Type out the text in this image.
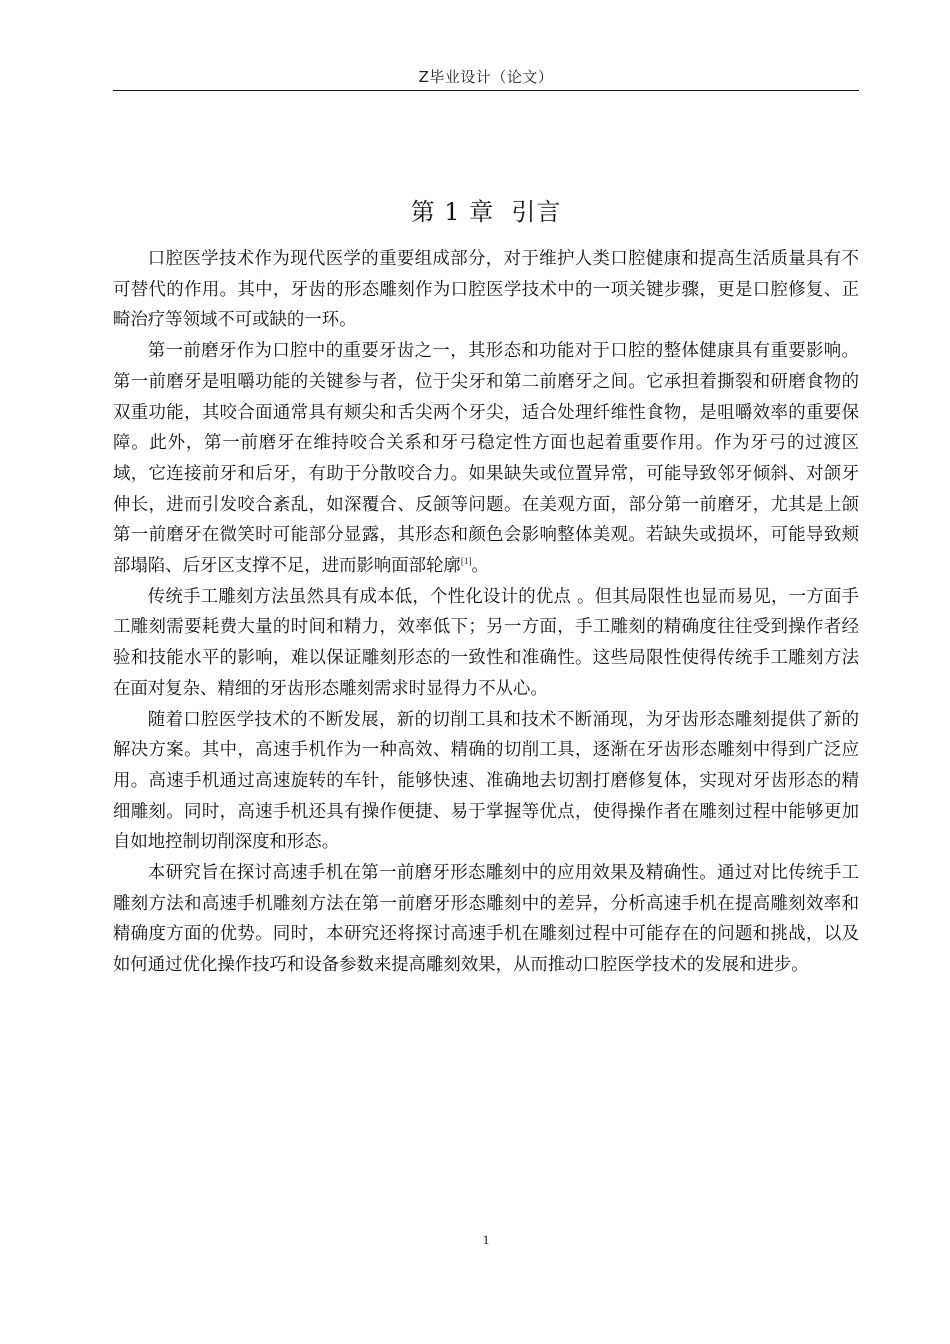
Z毕业设计（论文）
第 1 章 引言

口腔医学技术作为现代医学的重要组成部分，对于维护人类口腔健康和提高生活质量具有不可替代的作用。其中，牙齿的形态雕刻作为口腔医学技术中的一项关键步骤，更是口腔修复、正畸治疗等领域不可或缺的一环。

第一前磨牙作为口腔中的重要牙齿之一，其形态和功能对于口腔的整体健康具有重要影响。第一前磨牙是咀嚼功能的关键参与者，位于尖牙和第二前磨牙之间。它承担着撕裂和研磨食物的双重功能，其咬合面通常具有颊尖和舌尖两个牙尖，适合处理纤维性食物，是咀嚼效率的重要保障。此外，第一前磨牙在维持咬合关系和牙弓稳定性方面也起着重要作用。作为牙弓的过渡区域，它连接前牙和后牙，有助于分散咬合力。如果缺失或位置异常，可能导致邻牙倾斜、对颌牙伸长，进而引发咬合紊乱，如深覆合、反颌等问题。在美观方面，部分第一前磨牙，尤其是上颌第一前磨牙在微笑时可能部分显露，其形态和颜色会影响整体美观。若缺失或损坏，可能导致颊部塌陷、后牙区支撑不足，进而影响面部轮廓[1]。

传统手工雕刻方法虽然具有成本低，个性化设计的优点 。但其局限性也显而易见，一方面手工雕刻需要耗费大量的时间和精力，效率低下；另一方面，手工雕刻的精确度往往受到操作者经验和技能水平的影响，难以保证雕刻形态的一致性和准确性。这些局限性使得传统手工雕刻方法在面对复杂、精细的牙齿形态雕刻需求时显得力不从心。

随着口腔医学技术的不断发展，新的切削工具和技术不断涌现，为牙齿形态雕刻提供了新的解决方案。其中，高速手机作为一种高效、精确的切削工具，逐渐在牙齿形态雕刻中得到广泛应用。高速手机通过高速旋转的车针，能够快速、准确地去切割打磨修复体，实现对牙齿形态的精细雕刻。同时，高速手机还具有操作便捷、易于掌握等优点，使得操作者在雕刻过程中能够更加自如地控制切削深度和形态。

本研究旨在探讨高速手机在第一前磨牙形态雕刻中的应用效果及精确性。通过对比传统手工雕刻方法和高速手机雕刻方法在第一前磨牙形态雕刻中的差异，分析高速手机在提高雕刻效率和精确度方面的优势。同时，本研究还将探讨高速手机在雕刻过程中可能存在的问题和挑战，以及如何通过优化操作技巧和设备参数来提高雕刻效果，从而推动口腔医学技术的发展和进步。

1
